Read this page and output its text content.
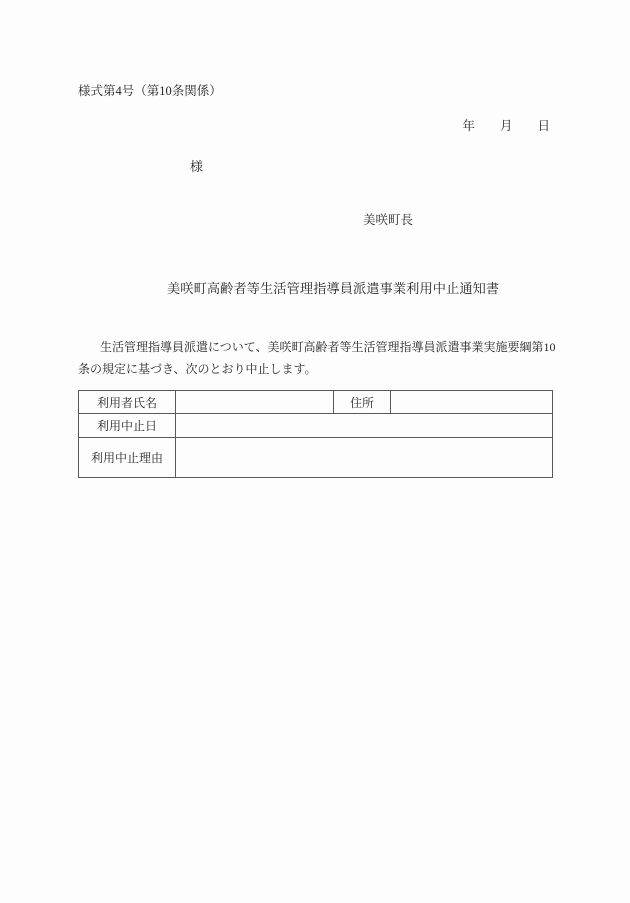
様式第4号（第10条関係）
年　　月　　日
様
美咲町長
美咲町高齢者等生活管理指導員派遣事業利用中止通知書
生活管理指導員派遣について、美咲町高齢者等生活管理指導員派遣事業実施要綱第10
条の規定に基づき、次のとおり中止します。
利用者氏名		住所	
利用中止日			
利用中止理由			
